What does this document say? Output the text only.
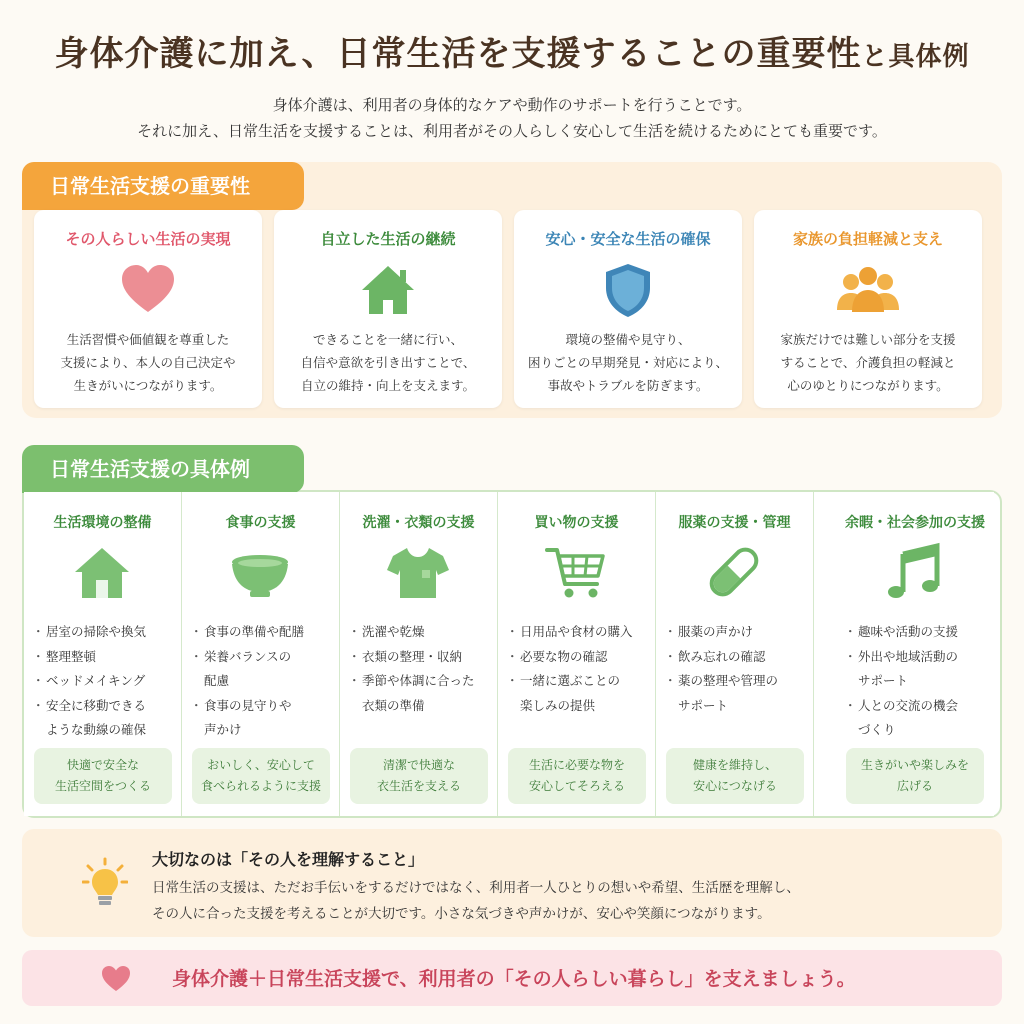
身体介護に加え、日常生活を支援することの重要性と具体例
身体介護は、利用者の身体的なケアや動作のサポートを行うことです。
それに加え、日常生活を支援することは、利用者がその人らしく安心して生活を続けるためにとても重要です。
日常生活支援の重要性
その人らしい生活の実現
生活習慣や価値観を尊重した
支援により、本人の自己決定や
生きがいにつながります。
自立した生活の継続
できることを一緒に行い、
自信や意欲を引き出すことで、
自立の維持・向上を支えます。
安心・安全な生活の確保
環境の整備や見守り、
困りごとの早期発見・対応により、
事故やトラブルを防ぎます。
家族の負担軽減と支え
家族だけでは難しい部分を支援
することで、介護負担の軽減と
心のゆとりにつながります。
日常生活支援の具体例
生活環境の整備
・ 居室の掃除や換気
・ 整理整頓
・ ベッドメイキング
・ 安全に移動できる
ような動線の確保
快適で安全な
生活空間をつくる
食事の支援
・ 食事の準備や配膳
・ 栄養バランスの
配慮
・ 食事の見守りや
声かけ
おいしく、安心して
食べられるように支援
洗濯・衣類の支援
・ 洗濯や乾燥
・ 衣類の整理・収納
・ 季節や体調に合った
衣類の準備
清潔で快適な
衣生活を支える
買い物の支援
・ 日用品や食材の購入
・ 必要な物の確認
・ 一緒に選ぶことの
楽しみの提供
生活に必要な物を
安心してそろえる
服薬の支援・管理
・ 服薬の声かけ
・ 飲み忘れの確認
・ 薬の整理や管理の
サポート
健康を維持し、
安心につなげる
余暇・社会参加の支援
・ 趣味や活動の支援
・ 外出や地域活動の
サポート
・ 人との交流の機会
づくり
生きがいや楽しみを
広げる
大切なのは「その人を理解すること」
日常生活の支援は、ただお手伝いをするだけではなく、利用者一人ひとりの想いや希望、生活歴を理解し、
その人に合った支援を考えることが大切です。小さな気づきや声かけが、安心や笑顔につながります。
身体介護＋日常生活支援で、利用者の「その人らしい暮らし」を支えましょう。
